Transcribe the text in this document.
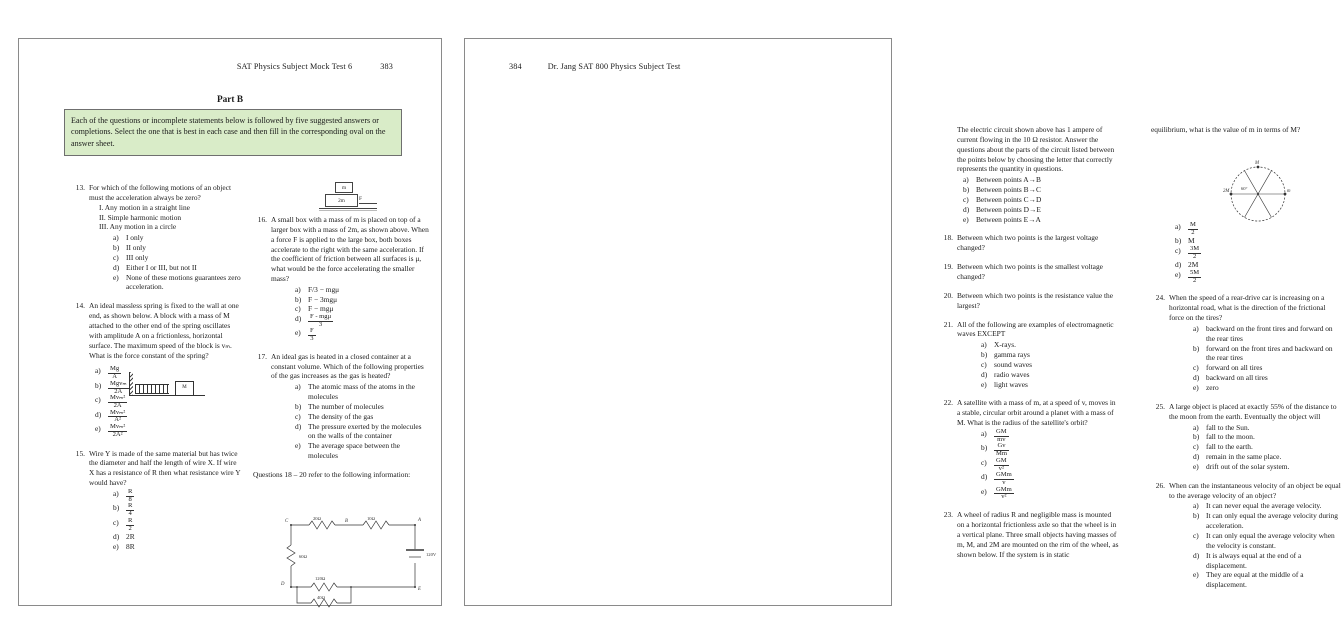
SAT Physics Subject Mock Test 6	383
Part B
Each of the questions or incomplete statements below is followed by five suggested answers or completions. Select the one that is best in each case and then fill in the corresponding oval on the answer sheet.
m
2m	F
M
C	B	A
D
E
20Ω	10Ω
60Ω
120Ω
40Ω
120V
13. For which of the following motions of an object must the acceleration always be zero?

I. Any motion in a straight line
II. Simple harmonic motion
III. Any motion in a circle
a) I only
b) II only
c) III only
d) Either I or III, but not II
e) None of these motions guarantees zero acceleration.
14. An ideal massless spring is fixed to the wall at one end, as shown below. A block with a mass of M attached to the other end of the spring oscillates with amplitude A on a frictionless, horizontal surface. The maximum speed of the block is vₘ. What is the force constant of the spring?

$a) \frac{Mg}{A}$
$b) \frac{\text{Mgvₘ}}{2A}$
$c) \frac{\text{Mvₘ²}}{2A}$
$d) \frac{\text{Mvₘ²}}{\text{A²}}$
$e) \frac{\text{Mvₘ²}}{\text{2A²}}$
15. Wire Y is made of the same material but has twice the diameter and half the length of wire X. If wire X has a resistance of R then what resistance wire Y would have?

$a) \frac{R}{8}$
$b) \frac{R}{4}$
$c) \frac{R}{2}$
d) 2R
e) 8R
16. A small box with a mass of m is placed on top of a larger box with a mass of 2m, as shown above. When a force F is applied to the large box, both boxes accelerate to the right with the same acceleration. If the coefficient of friction between all surfaces is μ, what would be the force accelerating the smaller mass?

a) F/3 − mgμ
b) F − 3mgμ
c) F − mgμ
$d) \frac{\text{F - mgμ}}{3}$
$e) \frac{F}{3}$
17. An ideal gas is heated in a closed container at a constant volume. Which of the following properties of the gas increases as the gas is heated?

a) The atomic mass of the atoms in the molecules
b) The number of molecules
c) The density of the gas
d) The pressure exerted by the molecules on the walls of the container
e) The average space between the molecules

Questions 18 – 20 refer to the following information:

384	Dr. Jang SAT 800 Physics Subject Test
M
2M	m
60°

The electric circuit shown above has 1 ampere of current flowing in the 10 Ω resistor. Answer the questions about the parts of the circuit listed between the points below by choosing the letter that correctly represents the quantity in questions.

a) Between points A→B
b) Between points B→C
c) Between points C→D
d) Between points D→E
e) Between points E→A
18. Between which two points is the largest voltage changed?

19. Between which two points is the smallest voltage changed?

20. Between which two points is the resistance value the largest?

21. All of the following are examples of electromagnetic waves EXCEPT

a) X-rays.
b) gamma rays
c) sound waves
d) radio waves
e) light waves
22. A satellite with a mass of m, at a speed of v, moves in a stable, circular orbit around a planet with a mass of M. What is the radius of the satellite's orbit?

$a) \frac{GM}{mv}$
$b) \frac{Gv}{Mm}$
$c) \frac{GM}{\text{v²}}$
$d) \frac{\text{GMm}}{v}$
$e) \frac{\text{GMm}}{\text{v²}}$
23. A wheel of radius R and negligible mass is mounted on a horizontal frictionless axle so that the wheel is in a vertical plane. Three small objects having masses of m, M, and 2M are mounted on the rim of the wheel, as shown below. If the system is in static

equilibrium, what is the value of m in terms of M?

$a) \frac{M}{2}$
b) M
$c) \frac{3M}{2}$
d) 2M
$e) \frac{5M}{2}$
24. When the speed of a rear-drive car is increasing on a horizontal road, what is the direction of the frictional force on the tires?

a) backward on the front tires and forward on the rear tires
b) forward on the front tires and backward on the rear tires
c) forward on all tires
d) backward on all tires
e) zero
25. A large object is placed at exactly 55% of the distance to the moon from the earth. Eventually the object will

a) fall to the Sun.
b) fall to the moon.
c) fall to the earth.
d) remain in the same place.
e) drift out of the solar system.
26. When can the instantaneous velocity of an object be equal to the average velocity of an object?

a) It can never equal the average velocity.
b) It can only equal the average velocity during acceleration.
c) It can only equal the average velocity when the velocity is constant.
d) It is always equal at the end of a displacement.
e) They are equal at the middle of a displacement.
